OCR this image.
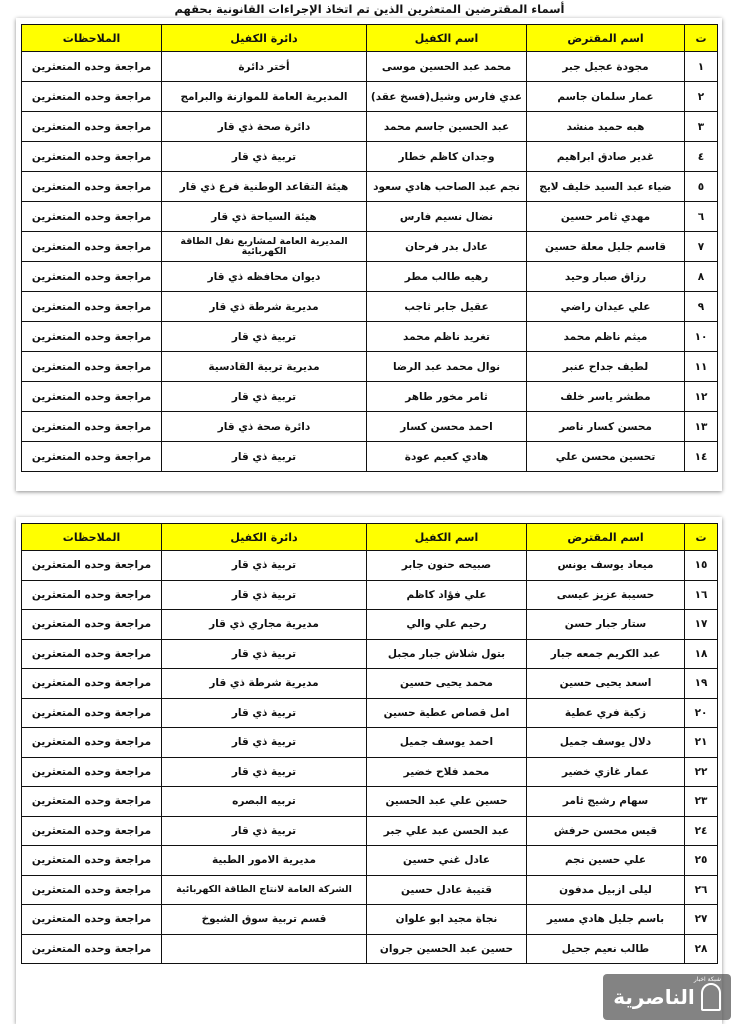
أسماء المقترضين المتعثرين الذين تم اتخاذ الإجراءات القانونية بحقهم
ت	اسم المقترض	اسم الكفيل	دائرة الكفيل	الملاحظات
١	مجودة عجيل جبر	محمد عبد الحسين موسى	أختر دائرة	مراجعة وحده المتعثرين
٢	عمار سلمان جاسم	عدي فارس وشيل(فسخ عقد)	المديرية العامة للموازنة والبرامج	مراجعة وحده المتعثرين
٣	هبه حميد منشد	عبد الحسين جاسم محمد	دائرة صحة ذي قار	مراجعة وحده المتعثرين
٤	غدير صادق ابراهيم	وجدان كاظم خطار	تربية ذي قار	مراجعة وحده المتعثرين
٥	ضياء عبد السيد خليف لايج	نجم عبد الصاحب هادي سعود	هيئة التقاعد الوطنية فرع ذي قار	مراجعة وحده المتعثرين
٦	مهدي ثامر حسين	نضال نسيم فارس	هيئة السياحة ذي قار	مراجعة وحده المتعثرين
٧	قاسم جليل معلة حسين	عادل بدر فرحان	المديرية العامة لمشاريع نقل الطاقة الكهربائية	مراجعة وحده المتعثرين
٨	رزاق صبار وحيد	رهيه طالب مطر	ديوان محافظه ذي قار	مراجعة وحده المتعثرين
٩	علي عيدان راضي	عقيل جابر ثاجب	مديرية شرطة ذي قار	مراجعة وحده المتعثرين
١٠	ميثم ناظم محمد	تغريد ناظم محمد	تربية ذي قار	مراجعة وحده المتعثرين
١١	لطيف جداح عنبر	نوال محمد عبد الرضا	مديرية تربية القادسية	مراجعة وحده المتعثرين
١٢	مطشر ياسر خلف	ثامر مخور طاهر	تربية ذي قار	مراجعة وحده المتعثرين
١٣	محسن كسار ناصر	احمد محسن كسار	دائرة صحة ذي قار	مراجعة وحده المتعثرين
١٤	تحسين محسن علي	هادي كعيم عودة	تربية ذي قار	مراجعة وحده المتعثرين
ت	اسم المقترض	اسم الكفيل	دائرة الكفيل	الملاحظات
١٥	ميعاد يوسف يونس	صبيحه حنون جابر	تربية ذي قار	مراجعة وحده المتعثرين
١٦	حسيبة عزيز عيسى	علي فؤاد كاظم	تربية ذي قار	مراجعة وحده المتعثرين
١٧	ستار جبار حسن	رحيم علي والي	مديرية مجاري ذي قار	مراجعة وحده المتعثرين
١٨	عبد الكريم جمعه جبار	بتول شلاش جبار مجبل	تربية ذي قار	مراجعة وحده المتعثرين
١٩	اسعد يحيى حسين	محمد يحيى حسين	مديرية شرطة ذي قار	مراجعة وحده المتعثرين
٢٠	زكية فري عطية	امل قصاص عطية حسين	تربية ذي قار	مراجعة وحده المتعثرين
٢١	دلال يوسف جميل	احمد يوسف جميل	تربية ذي قار	مراجعة وحده المتعثرين
٢٢	عمار غازي خضير	محمد فلاح خضير	تربية ذي قار	مراجعة وحده المتعثرين
٢٣	سهام رشيج ثامر	حسين علي عبد الحسين	تربيه البصره	مراجعة وحده المتعثرين
٢٤	قيس محسن حرفش	عبد الحسن عبد علي جبر	تربية ذي قار	مراجعة وحده المتعثرين
٢٥	علي حسين نجم	عادل غني حسين	مديرية الامور الطبية	مراجعة وحده المتعثرين
٢٦	ليلى ازبيل مدفون	قتيبة عادل حسين	الشركة العامة لانتاج الطاقة الكهربائية	مراجعة وحده المتعثرين
٢٧	باسم جليل هادي مسير	نجاة مجيد ابو علوان	قسم تربية سوق الشيوخ	مراجعة وحده المتعثرين
٢٨	طالب نعيم جحيل	حسين عبد الحسين جروان		مراجعة وحده المتعثرين
شبكة اخبار
الناصرية
